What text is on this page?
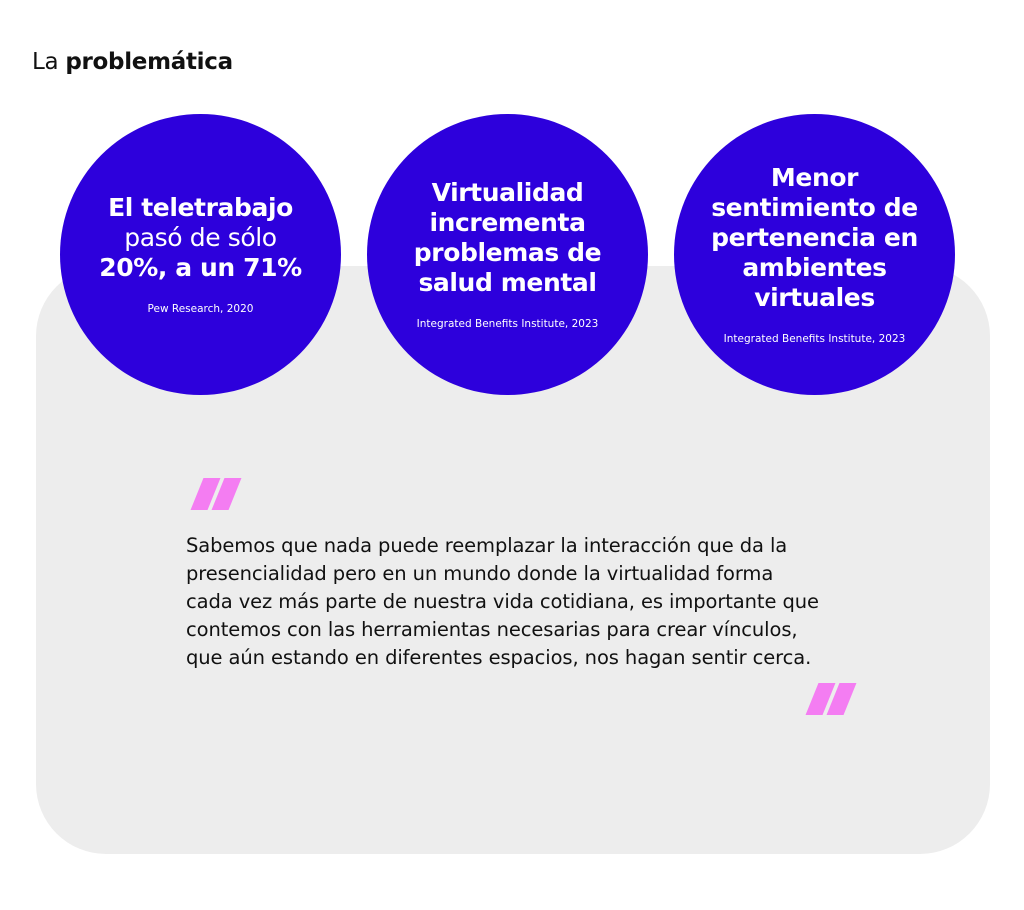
La problemática
El teletrabajo
pasó de sólo
20%, a un 71%
Pew Research, 2020
Virtualidad incrementa problemas de salud mental
Integrated Benefits Institute, 2023
Menor sentimiento de pertenencia en ambientes virtuales
Integrated Benefits Institute, 2023
Sabemos que nada puede reemplazar la interacción que da la
presencialidad pero en un mundo donde la virtualidad forma
cada vez más parte de nuestra vida cotidiana, es importante que
contemos con las herramientas necesarias para crear vínculos,
que aún estando en diferentes espacios, nos hagan sentir cerca.
